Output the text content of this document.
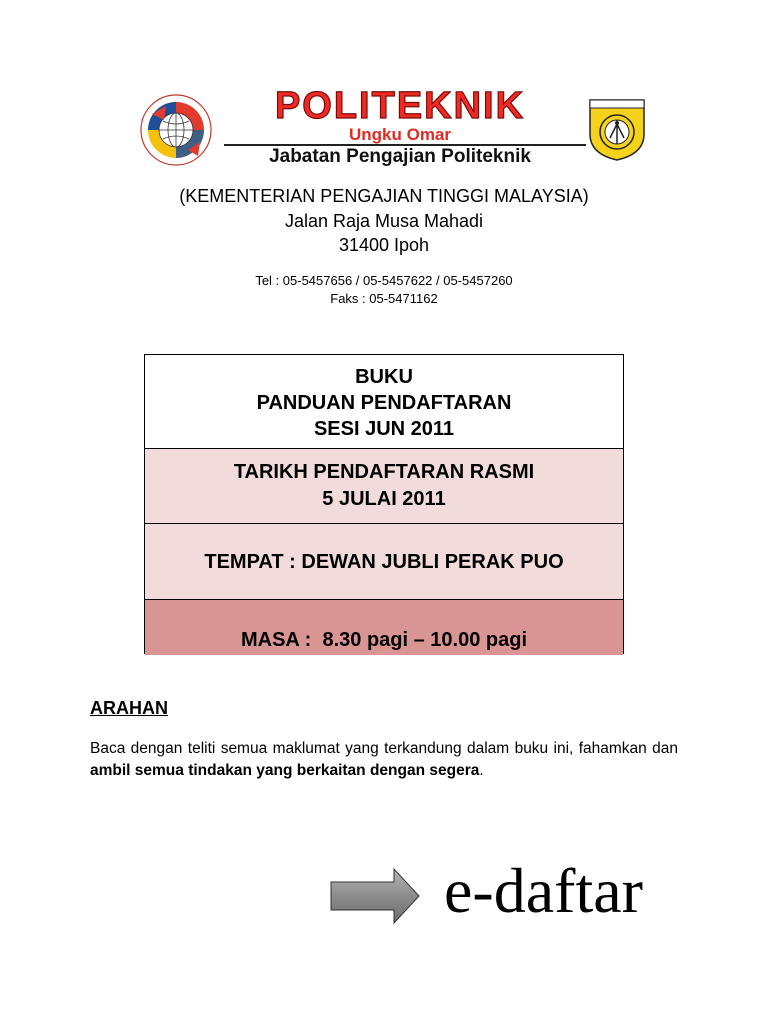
POLITEKNIK
Ungku Omar
Jabatan Pengajian Politeknik
(KEMENTERIAN PENGAJIAN TINGGI MALAYSIA)
Jalan Raja Musa Mahadi
31400 Ipoh
Tel : 05-5457656 / 05-5457622 / 05-5457260
Faks : 05-5471162
BUKU
PANDUAN PENDAFTARAN
SESI JUN 2011
TARIKH PENDAFTARAN RASMI
5 JULAI 2011
TEMPAT : DEWAN JUBLI PERAK PUO
MASA :  8.30 pagi – 10.00 pagi
ARAHAN
Baca dengan teliti semua maklumat yang terkandung dalam buku ini, fahamkan dan ambil semua tindakan yang berkaitan dengan segera.
e-daftar
